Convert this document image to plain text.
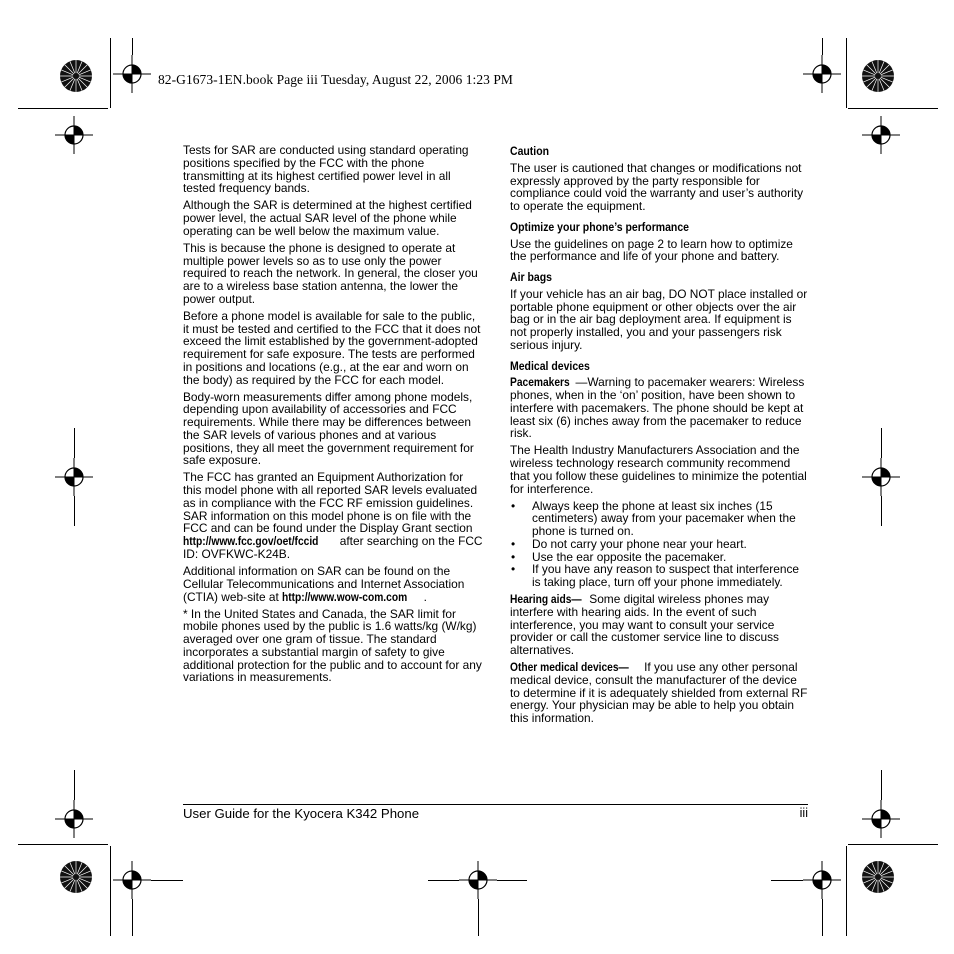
82-G1673-1EN.book Page iii Tuesday, August 22, 2006 1:23 PM

Tests for SAR are conducted using standard operating positions specified by the FCC with the phone transmitting at its highest certified power level in all tested frequency bands.

Although the SAR is determined at the highest certified power level, the actual SAR level of the phone while operating can be well below the maximum value.

This is because the phone is designed to operate at multiple power levels so as to use only the power required to reach the network. In general, the closer you are to a wireless base station antenna, the lower the power output.

Before a phone model is available for sale to the public, it must be tested and certified to the FCC that it does not exceed the limit established by the government-adopted requirement for safe exposure. The tests are performed in positions and locations (e.g., at the ear and worn on the body) as required by the FCC for each model.

Body-worn measurements differ among phone models, depending upon availability of accessories and FCC requirements. While there may be differences between the SAR levels of various phones and at various positions, they all meet the government requirement for safe exposure.

The FCC has granted an Equipment Authorization for this model phone with all reported SAR levels evaluated as in compliance with the FCC RF emission guidelines. SAR information on this model phone is on file with the FCC and can be found under the Display Grant section http://www.fcc.gov/oet/fccid after searching on the FCC ID: OVFKWC-K24B.

Additional information on SAR can be found on the Cellular Telecommunications and Internet Association (CTIA) web-site at http://www.wow-com.com .

* In the United States and Canada, the SAR limit for mobile phones used by the public is 1.6 watts/kg (W/kg) averaged over one gram of tissue. The standard incorporates a substantial margin of safety to give additional protection for the public and to account for any variations in measurements.

Caution

The user is cautioned that changes or modifications not expressly approved by the party responsible for compliance could void the warranty and user’s authority to operate the equipment.

Optimize your phone’s performance

Use the guidelines on page 2 to learn how to optimize the performance and life of your phone and battery.

Air bags

If your vehicle has an air bag, DO NOT place installed or portable phone equipment or other objects over the air bag or in the air bag deployment area. If equipment is not properly installed, you and your passengers risk serious injury.

Medical devices

Pacemakers —Warning to pacemaker wearers: Wireless phones, when in the ‘on’ position, have been shown to interfere with pacemakers. The phone should be kept at least six (6) inches away from the pacemaker to reduce risk.

The Health Industry Manufacturers Association and the wireless technology research community recommend that you follow these guidelines to minimize the potential for interference.

• Always keep the phone at least six inches (15 centimeters) away from your pacemaker when the phone is turned on.
• Do not carry your phone near your heart.
• Use the ear opposite the pacemaker.
• If you have any reason to suspect that interference is taking place, turn off your phone immediately.

Hearing aids— Some digital wireless phones may interfere with hearing aids. In the event of such interference, you may want to consult your service provider or call the customer service line to discuss alternatives.

Other medical devices— If you use any other personal medical device, consult the manufacturer of the device to determine if it is adequately shielded from external RF energy. Your physician may be able to help you obtain this information.

User Guide for the Kyocera K342 Phone	iii
